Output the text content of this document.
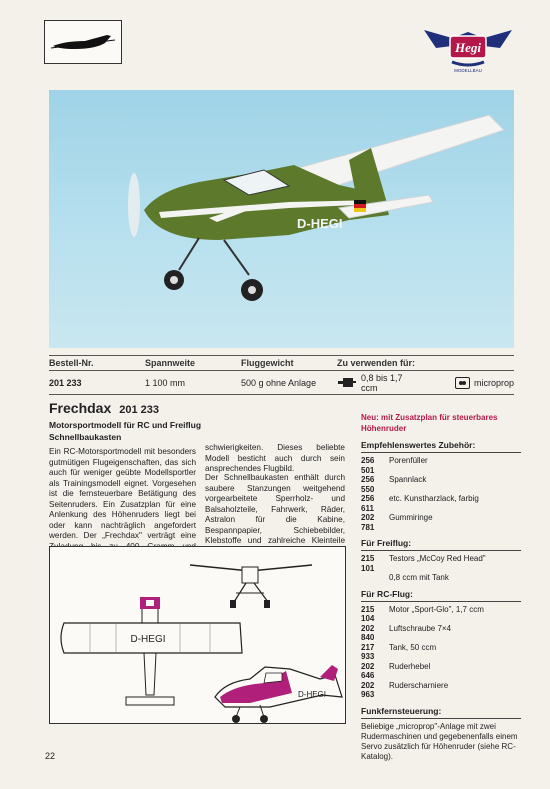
Hegi
MODELLBAU
D-HEGI
Bestell-Nr.	Spannweite	Fluggewicht	Zu verwenden für:
201 233	1 100 mm	500 g ohne Anlage	0,8 bis 1,7 ccm	microprop
Frechdax 201 233
Motorsportmodell für RC und Freiflug
Schnellbaukasten
Ein RC-Motorsportmodell mit besonders gutmütigen Flugeigenschaften, das sich auch für weniger geübte Modellsportler als Trainingsmodell eignet. Vorgesehen ist die fernsteuerbare Betätigung des Seitenruders. Ein Zusatzplan für eine Anlenkung des Höhenruders liegt bei oder kann nachträglich angefordert werden. Der „Frechdax" verträgt eine
schwierigkeiten. Dieses beliebte Modell besticht auch durch sein ansprechendes Flugbild.
Der Schnellbaukasten enthält durch saubere Stanzungen weitgehend vorgearbeitete Sperrholz- und Balsaholzteile, Fahrwerk, Räder, Astralon für die Kabine, Bespannpapier, Schiebebilder, Klebstoffe und zahlreiche Kleinteile
Neu: mit Zusatzplan für steuerbares Höhenruder
Empfehlenswertes Zubehör:
256 501
Porenfüller
256 550
Spannlack
256 611
etc. Kunstharzlack, farbig
202 781
Gummiringe
Für Freiflug:
215 101
Testors „McCoy Red Head"
0,8 ccm mit Tank
Für RC-Flug:
215 104
Motor „Sport-Glo", 1,7 ccm
202 840
Luftschraube 7×4
217 933
Tank, 50 ccm
202 646
Ruderhebel
202 963
Ruderscharniere
Funkfernsteuerung:
Beliebige „microprop"-Anlage mit zwei Rudermaschinen und gegebenenfalls einem Servo zusätzlich für Höhenruder (siehe RC-Katalog).
D-HEGI
D-HEGI
22
